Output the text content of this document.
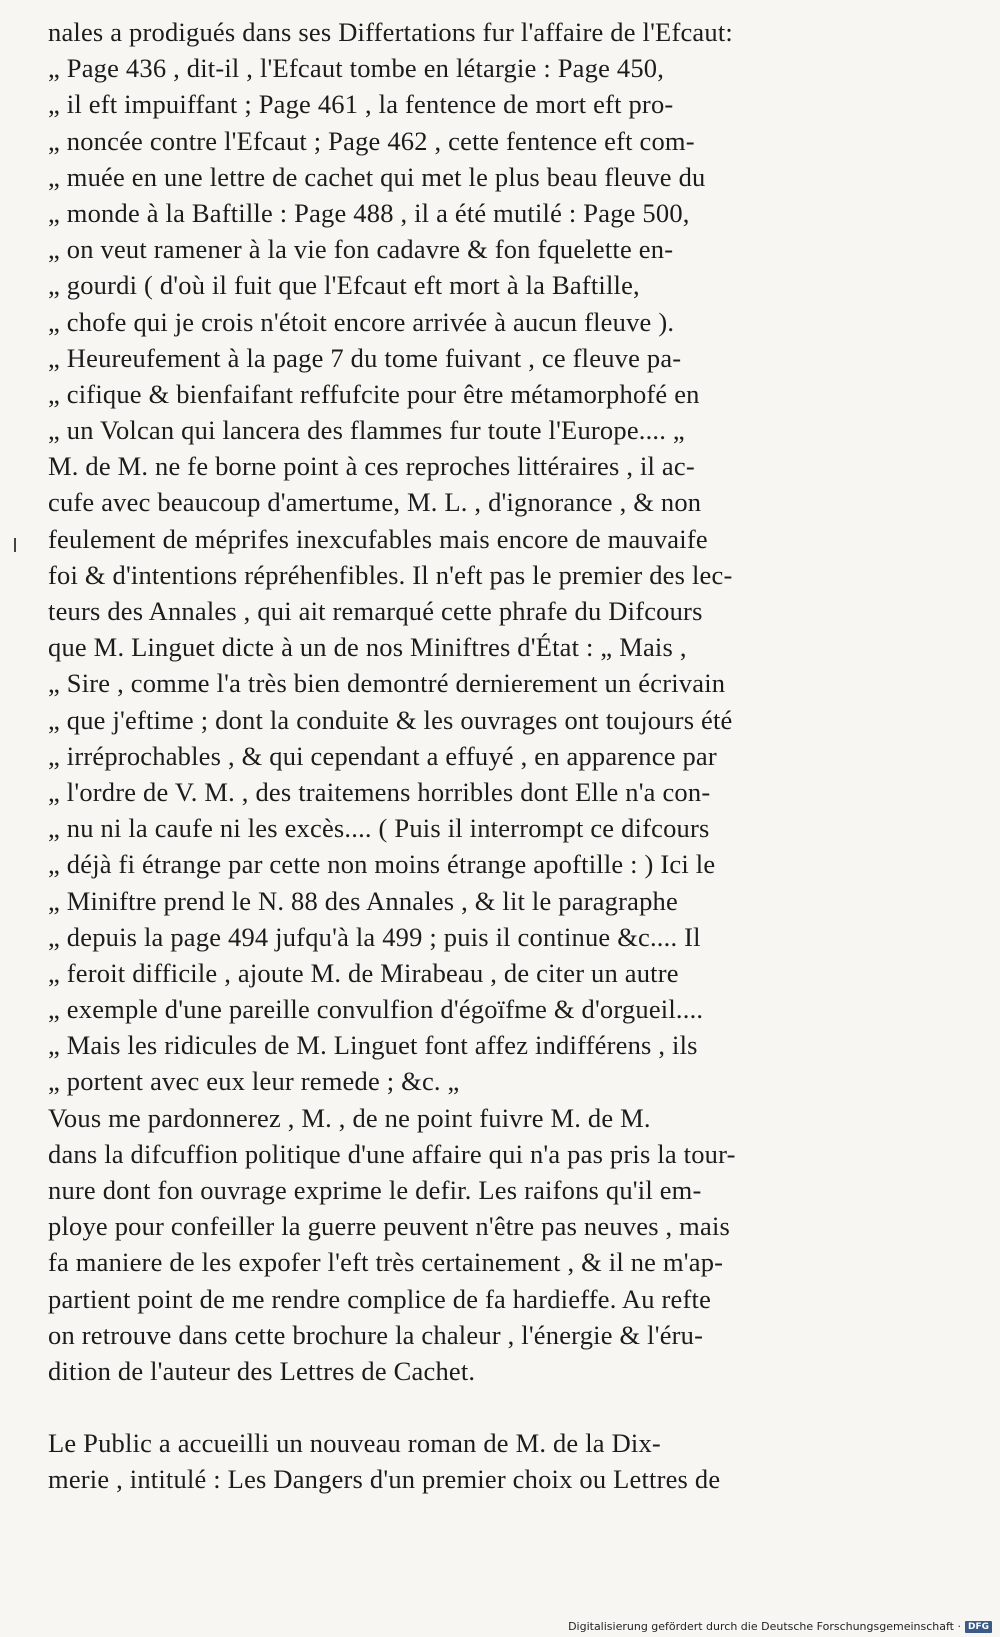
nales a prodigués dans ses Differtations fur l'affaire de l'Efcaut:
„ Page 436 , dit-il , l'Efcaut tombe en létargie : Page 450,
„ il eft impuiffant ; Page 461 , la fentence de mort eft pro-
„ noncée contre l'Efcaut ; Page 462 , cette fentence eft com-
„ muée en une lettre de cachet qui met le plus beau fleuve du
„ monde à la Baftille : Page 488 , il a été mutilé : Page 500,
„ on veut ramener à la vie fon cadavre & fon fquelette en-
„ gourdi ( d'où il fuit que l'Efcaut eft mort à la Baftille,
„ chofe qui je crois n'étoit encore arrivée à aucun fleuve ).
„ Heureufement à la page 7 du tome fuivant , ce fleuve pa-
„ cifique & bienfaifant reffufcite pour être métamorphofé en
„ un Volcan qui lancera des flammes fur toute l'Europe.... „
M. de M. ne fe borne point à ces reproches littéraires , il ac-
cufe avec beaucoup d'amertume, M. L. , d'ignorance , & non
feulement de méprifes inexcufables mais encore de mauvaife
foi & d'intentions répréhenfibles. Il n'eft pas le premier des lec-
teurs des Annales , qui ait remarqué cette phrafe du Difcours
que M. Linguet dicte à un de nos Miniftres d'État : „ Mais ,
„ Sire , comme l'a très bien demontré dernierement un écrivain
„ que j'eftime ; dont la conduite & les ouvrages ont toujours été
„ irréprochables , & qui cependant a effuyé , en apparence par
„ l'ordre de V. M. , des traitemens horribles dont Elle n'a con-
„ nu ni la caufe ni les excès.... ( Puis il interrompt ce difcours
„ déjà fi étrange par cette non moins étrange apoftille : ) Ici le
„ Miniftre prend le N. 88 des Annales , & lit le paragraphe
„ depuis la page 494 jufqu'à la 499 ; puis il continue &c.... Il
„ feroit difficile , ajoute M. de Mirabeau , de citer un autre
„ exemple d'une pareille convulfion d'égoïfme & d'orgueil....
„ Mais les ridicules de M. Linguet font affez indifférens , ils
„ portent avec eux leur remede ; &c. „
Vous me pardonnerez , M. , de ne point fuivre M. de M.
dans la difcuffion politique d'une affaire qui n'a pas pris la tour-
nure dont fon ouvrage exprime le defir. Les raifons qu'il em-
ploye pour confeiller la guerre peuvent n'être pas neuves , mais
fa maniere de les expofer l'eft très certainement , & il ne m'ap-
partient point de me rendre complice de fa hardieffe. Au refte
on retrouve dans cette brochure la chaleur , l'énergie & l'éru-
dition de l'auteur des Lettres de Cachet.
Le Public a accueilli un nouveau roman de M. de la Dix-
merie , intitulé : Les Dangers d'un premier choix ou Lettres de
Digitalisierung gefördert durch die Deutsche Forschungsgemeinschaft · DFG
